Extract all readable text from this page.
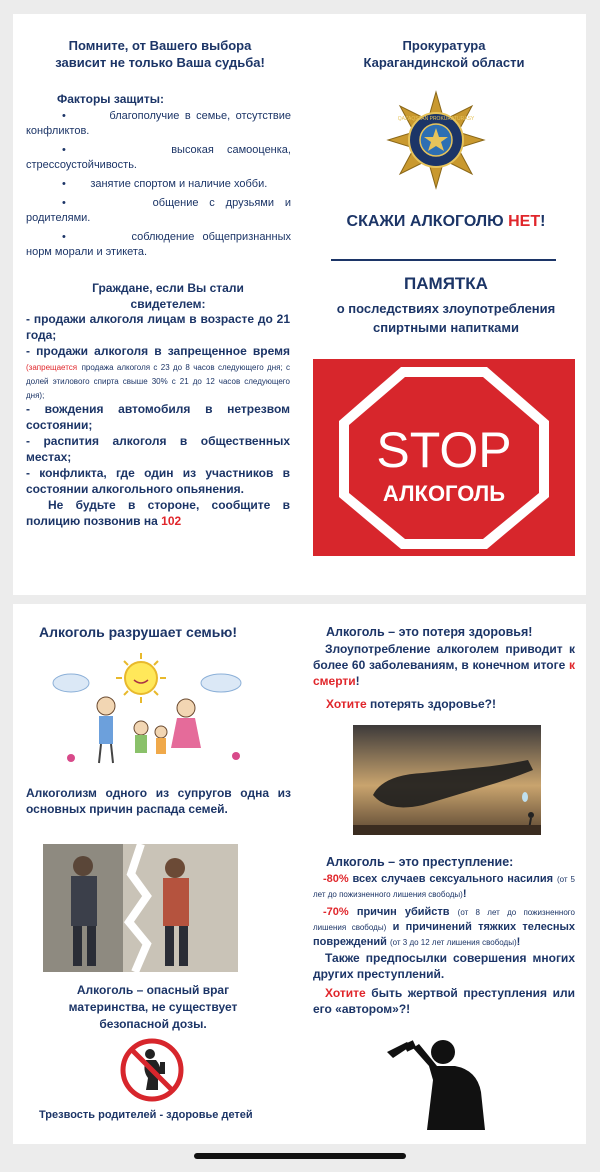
Помните, от Вашего выбора
зависит не только Ваша судьба!
Факторы защиты:
•	благополучие в семье, отсутствие
конфликтов.
•	высокая самооценка,
стрессоустойчивость.
• занятие спортом и наличие хобби.
•	общение с друзьями и
родителями.
•	соблюдение общепризнанных
норм морали и этикета.
Граждане, если Вы стали
свидетелем:
- продажи алкоголя лицам в возрасте до 21 года;
- продажи алкоголя в запрещенное время (запрещается продажа алкоголя с 23 до 8 часов следующего дня; с долей этилового спирта свыше 30% с 21 до 12 часов следующего дня);
- вождения автомобиля в нетрезвом состоянии;
- распития алкоголя в общественных местах;
- конфликта, где один из участников в состоянии алкогольного опьянения.
Не будьте в стороне, сообщите в полицию позвонив на 102
Прокуратура
Карагандинской области
QAZAQSTAN PROKURATURASY
СКАЖИ АЛКОГОЛЮ НЕТ!
ПАМЯТКА
о последствиях злоупотребления
спиртными напитками
STOP
АЛКОГОЛЬ
Алкоголь разрушает семью!
Алкоголизм одного из супругов одна из основных причин распада семей.
Алкоголь – опасный враг
материнства, не существует
безопасной дозы.
Трезвость родителей - здоровье детей
Алкоголь – это потеря здоровья!
Злоупотребление алкоголем приводит к более 60 заболеваниям, в конечном итоге к смерти!
Хотите потерять здоровье?!
Алкоголь – это преступление:
-80% всех случаев сексуального насилия (от 5 лет до пожизненного лишения свободы)!
-70% причин убийств (от 8 лет до пожизненного лишения свободы) и причинений тяжких телесных повреждений (от 3 до 12 лет лишения свободы)!
Также предпосылки совершения многих других преступлений.
Хотите быть жертвой преступления или его «автором»?!
